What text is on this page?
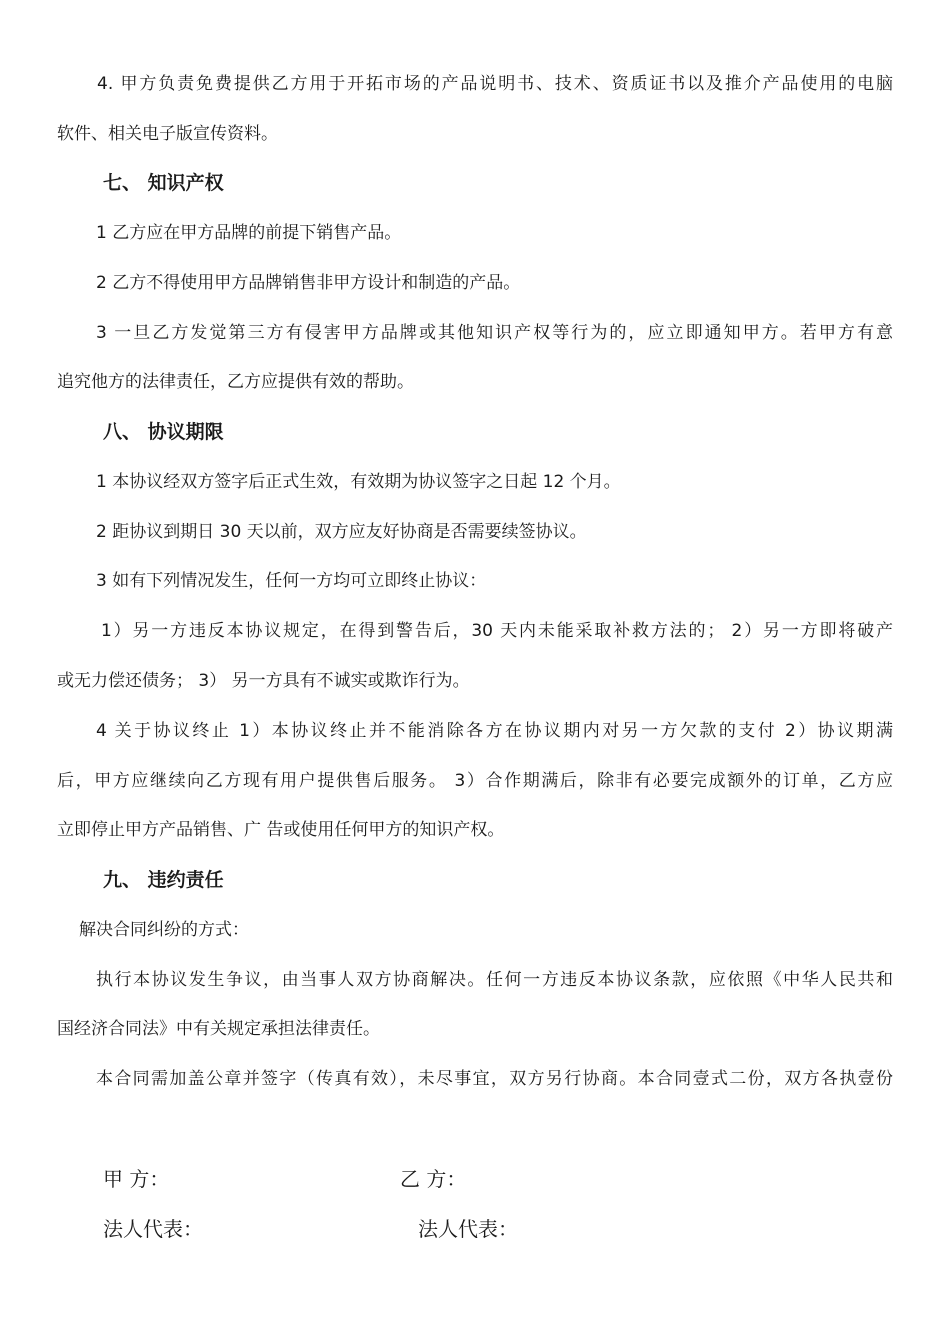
4. 甲方负责免费提供乙方用于开拓市场的产品说明书、技术、资质证书以及推介产品使用的电脑
软件、相关电子版宣传资料。
七、 知识产权
1 乙方应在甲方品牌的前提下销售产品。
2 乙方不得使用甲方品牌销售非甲方设计和制造的产品。
3 一旦乙方发觉第三方有侵害甲方品牌或其他知识产权等行为的，应立即通知甲方。若甲方有意
追究他方的法律责任，乙方应提供有效的帮助。
八、 协议期限
1 本协议经双方签字后正式生效，有效期为协议签字之日起 12 个月。
2 距协议到期日 30 天以前，双方应友好协商是否需要续签协议。
3 如有下列情况发生，任何一方均可立即终止协议：
1）另一方违反本协议规定，在得到警告后，30 天内未能采取补救方法的； 2）另一方即将破产
或无力偿还债务； 3） 另一方具有不诚实或欺诈行为。
4 关于协议终止 1）本协议终止并不能消除各方在协议期内对另一方欠款的支付 2）协议期满
后，甲方应继续向乙方现有用户提供售后服务。 3）合作期满后，除非有必要完成额外的订单，乙方应
立即停止甲方产品销售、广 告或使用任何甲方的知识产权。
九、 违约责任
解决合同纠纷的方式：
执行本协议发生争议，由当事人双方协商解决。任何一方违反本协议条款，应依照《中华人民共和
国经济合同法》中有关规定承担法律责任。
本合同需加盖公章并签字（传真有效），未尽事宜，双方另行协商。本合同壹式二份，双方各执壹份
甲 方：	乙 方：
法人代表：	法人代表：
